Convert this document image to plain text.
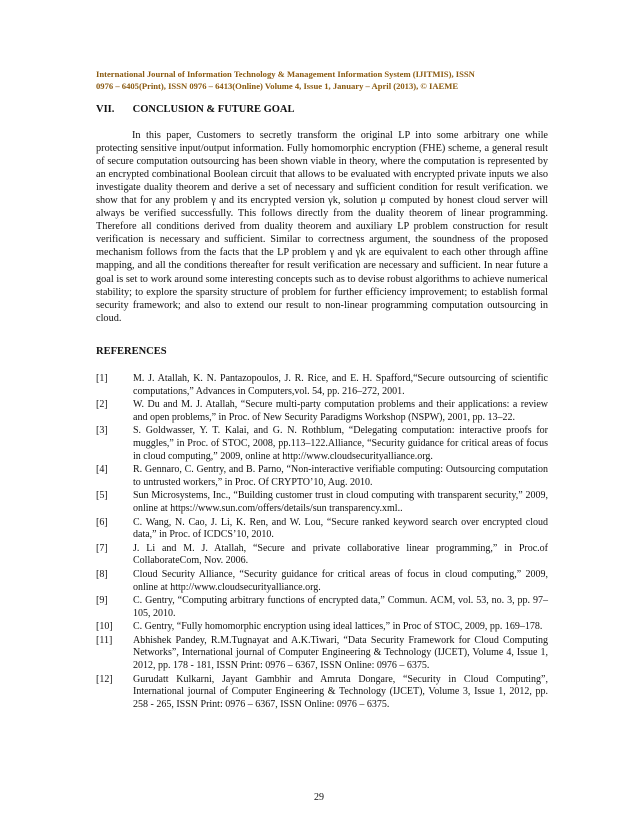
International Journal of Information Technology & Management Information System (IJITMIS), ISSN
0976 – 6405(Print), ISSN 0976 – 6413(Online) Volume 4, Issue 1, January – April (2013), © IAEME
VII. CONCLUSION & FUTURE GOAL

In this paper, Customers to secretly transform the original LP into some arbitrary one while protecting sensitive input/output information. Fully homomorphic encryption (FHE) scheme, a general result of secure computation outsourcing has been shown viable in theory, where the computation is represented by an encrypted combinational Boolean circuit that allows to be evaluated with encrypted private inputs we also investigate duality theorem and derive a set of necessary and sufficient condition for result verification. we show that for any problem γ and its encrypted version γk, solution μ computed by honest cloud server will always be verified successfully. This follows directly from the duality theorem of linear programming. Therefore all conditions derived from duality theorem and auxiliary LP problem construction for result verification is necessary and sufficient. Similar to correctness argument, the soundness of the proposed mechanism follows from the facts that the LP problem γ and γk are equivalent to each other through affine mapping, and all the conditions thereafter for result verification are necessary and sufficient. In near future a goal is set to work around some interesting concepts such as to devise robust algorithms to achieve numerical stability; to explore the sparsity structure of problem for further efficiency improvement; to establish formal security framework; and also to extend our result to non-linear programming computation outsourcing in cloud.

REFERENCES
[1]	M. J. Atallah, K. N. Pantazopoulos, J. R. Rice, and E. H. Spafford,“Secure outsourcing of scientific computations,” Advances in Computers,vol. 54, pp. 216–272, 2001.
[2]	W. Du and M. J. Atallah, “Secure multi-party computation problems and their applications: a review and open problems,” in Proc. of New Security Paradigms Workshop (NSPW), 2001, pp. 13–22.
[3]	S. Goldwasser, Y. T. Kalai, and G. N. Rothblum, “Delegating computation: interactive proofs for muggles,” in Proc. of STOC, 2008, pp.113–122.Alliance, “Security guidance for critical areas of focus in cloud computing,” 2009, online at http://www.cloudsecurityalliance.org.
[4]	R. Gennaro, C. Gentry, and B. Parno, “Non-interactive verifiable computing: Outsourcing computation to untrusted workers,” in Proc. Of CRYPTO’10, Aug. 2010.
[5]	Sun Microsystems, Inc., “Building customer trust in cloud computing with transparent security,” 2009, online at https://www.sun.com/offers/details/sun transparency.xml..
[6]	C. Wang, N. Cao, J. Li, K. Ren, and W. Lou, “Secure ranked keyword search over encrypted cloud data,” in Proc. of ICDCS’10, 2010.
[7]	J. Li and M. J. Atallah, “Secure and private collaborative linear programming,” in Proc.of CollaborateCom, Nov. 2006.
[8]	Cloud Security Alliance, “Security guidance for critical areas of focus in cloud computing,” 2009, online at http://www.cloudsecurityalliance.org.
[9]	C. Gentry, “Computing arbitrary functions of encrypted data,” Commun. ACM, vol. 53, no. 3, pp. 97–105, 2010.
[10]	C. Gentry, “Fully homomorphic encryption using ideal lattices,” in Proc of STOC, 2009, pp. 169–178.
[11]	Abhishek Pandey, R.M.Tugnayat and A.K.Tiwari, “Data Security Framework for Cloud Computing Networks”, International journal of Computer Engineering & Technology (IJCET), Volume 4, Issue 1, 2012, pp. 178 - 181, ISSN Print: 0976 – 6367, ISSN Online: 0976 – 6375.
[12]	Gurudatt Kulkarni, Jayant Gambhir and Amruta Dongare, “Security in Cloud Computing”, International journal of Computer Engineering & Technology (IJCET), Volume 3, Issue 1, 2012, pp. 258 - 265, ISSN Print: 0976 – 6367, ISSN Online: 0976 – 6375.
29
